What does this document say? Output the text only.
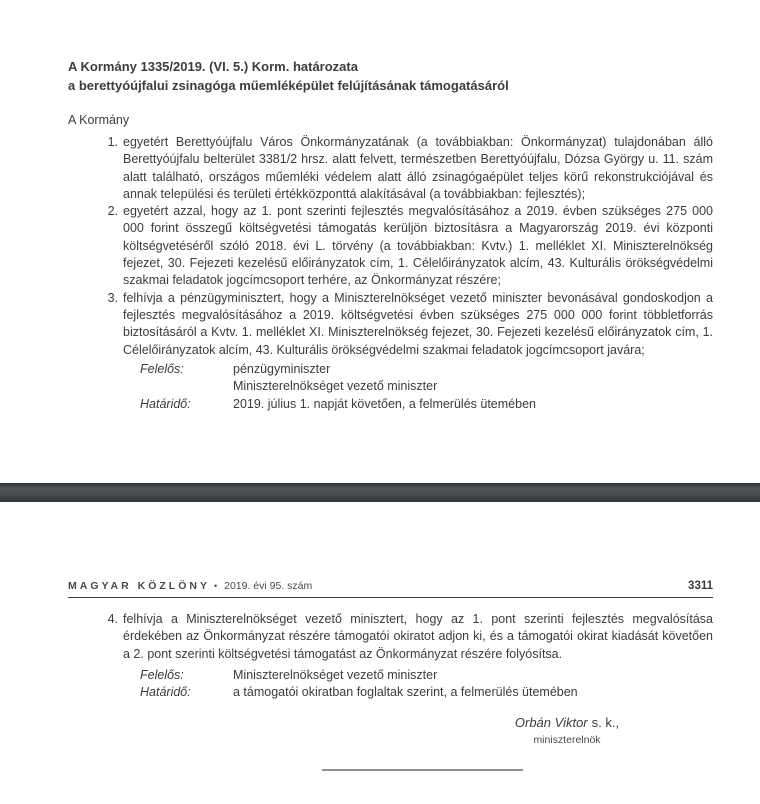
A Kormány 1335/2019. (VI. 5.) Korm. határozata
a berettyóújfalui zsinagóga műemléképület felújításának támogatásáról
A Kormány
1. egyetért Berettyóújfalu Város Önkormányzatának (a továbbiakban: Önkormányzat) tulajdonában álló Berettyóújfalu belterület 3381/2 hrsz. alatt felvett, természetben Berettyóújfalu, Dózsa György u. 11. szám alatt található, országos műemléki védelem alatt álló zsinagógaépület teljes körű rekonstrukciójával és annak települési és területi értékközponttá alakításával (a továbbiakban: fejlesztés);
2. egyetért azzal, hogy az 1. pont szerinti fejlesztés megvalósításához a 2019. évben szükséges 275 000 000 forint összegű költségvetési támogatás kerüljön biztosításra a Magyarország 2019. évi központi költségvetéséről szóló 2018. évi L. törvény (a továbbiakban: Kvtv.) 1. melléklet XI. Miniszterelnökség fejezet, 30. Fejezeti kezelésű előirányzatok cím, 1. Célelőirányzatok alcím, 43. Kulturális örökségvédelmi szakmai feladatok jogcímcsoport terhére, az Önkormányzat részére;
3. felhívja a pénzügyminisztert, hogy a Miniszterelnökséget vezető miniszter bevonásával gondoskodjon a fejlesztés megvalósításához a 2019. költségvetési évben szükséges 275 000 000 forint többletforrás biztosításáról a Kvtv. 1. melléklet XI. Miniszterelnökség fejezet, 30. Fejezeti kezelésű előirányzatok cím, 1. Célelőirányzatok alcím, 43. Kulturális örökségvédelmi szakmai feladatok jogcímcsoport javára;
Felelős:	pénzügyminiszter
Miniszterelnökséget vezető miniszter
Határidő:	2019. július 1. napját követően, a felmerülés ütemében
MAGYAR KÖZLÖNY • 2019. évi 95. szám	3311
4. felhívja a Miniszterelnökséget vezető minisztert, hogy az 1. pont szerinti fejlesztés megvalósítása érdekében az Önkormányzat részére támogatói okiratot adjon ki, és a támogatói okirat kiadását követően a 2. pont szerinti költségvetési támogatást az Önkormányzat részére folyósítsa.
Felelős:	Miniszterelnökséget vezető miniszter
Határidő:	a támogatói okiratban foglaltak szerint, a felmerülés ütemében
Orbán Viktor s. k.,
miniszterelnök
